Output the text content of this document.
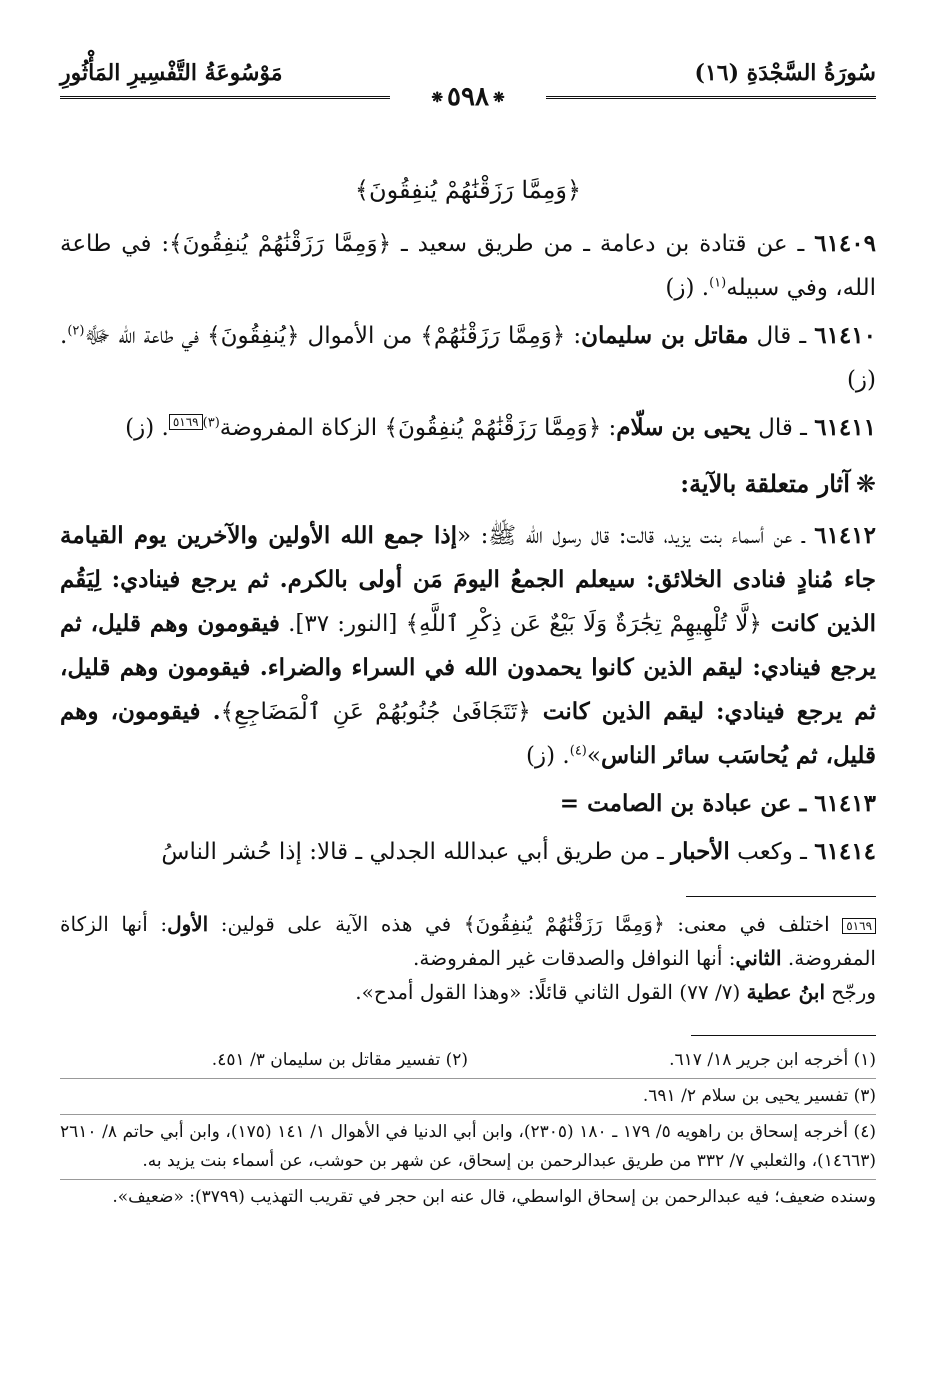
سُورَةُ السَّجْدَةِ (١٦)
مَوْسُوعَةُ التَّفْسِيرِ المَأْثُورِ
❋٥٩٨❋
﴿وَمِمَّا رَزَقْنَٰهُمْ يُنفِقُونَ﴾

٦١٤٠٩ ـ عن قتادة بن دعامة ـ من طريق سعيد ـ ﴿وَمِمَّا رَزَقْنَٰهُمْ يُنفِقُونَ﴾: في طاعة الله، وفي سبيله$^{(١)}$. (ز)

٦١٤١٠ ـ قال مقاتل بن سليمان: ﴿وَمِمَّا رَزَقْنَٰهُمْ﴾ من الأموال ﴿يُنفِقُونَ﴾ في طاعة الله ﷻ$^{(٢)}$. (ز)

٦١٤١١ ـ قال يحيى بن سلّام: ﴿وَمِمَّا رَزَقْنَٰهُمْ يُنفِقُونَ﴾ الزكاة المفروضة$^{(٣)}$٥١٦٩. (ز)

❋آثار متعلقة بالآية:

٦١٤١٢ ـ عن أسماء بنت يزيد، قالت: قال رسول الله ﷺ: «إذا جمع الله الأولين والآخرين يوم القيامة جاء مُنادٍ فنادى الخلائق: سيعلم الجمعُ اليومَ مَن أولى بالكرم. ثم يرجع فينادي: لِيَقُم الذين كانت ﴿لَّا تُلْهِيهِمْ تِجَٰرَةٌ وَلَا بَيْعٌ عَن ذِكْرِ ٱللَّهِ﴾ [النور: ٣٧]. فيقومون وهم قليل، ثم يرجع فينادي: ليقم الذين كانوا يحمدون الله في السراء والضراء. فيقومون وهم قليل، ثم يرجع فينادي: ليقم الذين كانت ﴿تَتَجَافَىٰ جُنُوبُهُمْ عَنِ ٱلْمَضَاجِعِ﴾. فيقومون، وهم قليل، ثم يُحاسَب سائر الناس»$^{(٤)}$. (ز)

٦١٤١٣ ـ عن عبادة بن الصامت =

٦١٤١٤ ـ وكعب الأحبار ـ من طريق أبي عبدالله الجدلي ـ قالا: إذا حُشر الناسُ

٥١٦٩ اختلف في معنى: ﴿وَمِمَّا رَزَقْنَٰهُمْ يُنفِقُونَ﴾ في هذه الآية على قولين: الأول: أنها الزكاة المفروضة. الثاني: أنها النوافل والصدقات غير المفروضة.

ورجّح ابنُ عطية (٧/ ٧٧) القول الثاني قائلًا: «وهذا القول أمدح».

(١) أخرجه ابن جرير ١٨/ ٦١٧.
(٢) تفسير مقاتل بن سليمان ٣/ ٤٥١.
(٣) تفسير يحيى بن سلام ٢/ ٦٩١.
(٤) أخرجه إسحاق بن راهويه ٥/ ١٧٩ ـ ١٨٠ (٢٣٠٥)، وابن أبي الدنيا في الأهوال ١/ ١٤١ (١٧٥)، وابن أبي حاتم ٨/ ٢٦١٠ (١٤٦٦٣)، والثعلبي ٧/ ٣٣٢ من طريق عبدالرحمن بن إسحاق، عن شهر بن حوشب، عن أسماء بنت يزيد به.
وسنده ضعيف؛ فيه عبدالرحمن بن إسحاق الواسطي، قال عنه ابن حجر في تقريب التهذيب (٣٧٩٩): «ضعيف».
